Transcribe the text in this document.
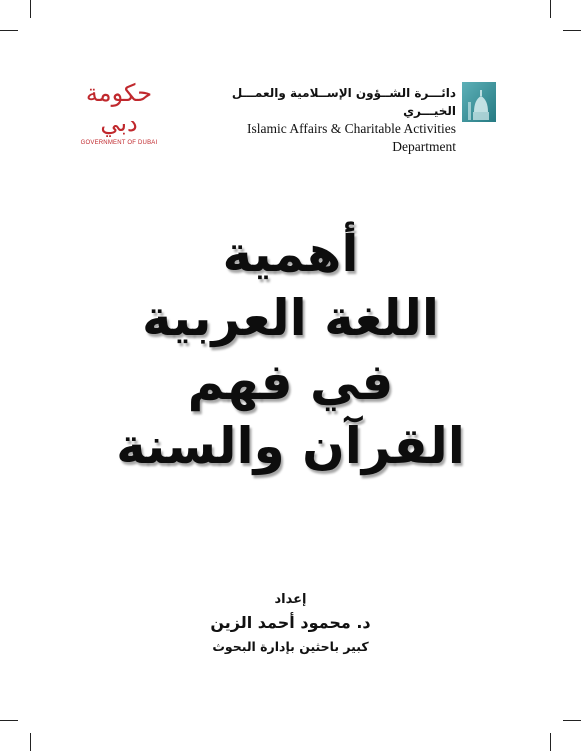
حكومة دبي
GOVERNMENT OF DUBAI
دائـــرة الشــؤون الإســلامية والعمـــل الخيـــري
Islamic Affairs & Charitable Activities Department
أهمية
اللغة العربية
في فهم
القرآن والسنة
إعداد
د. محمود أحمد الزين
كبير باحثين بإدارة البحوث
